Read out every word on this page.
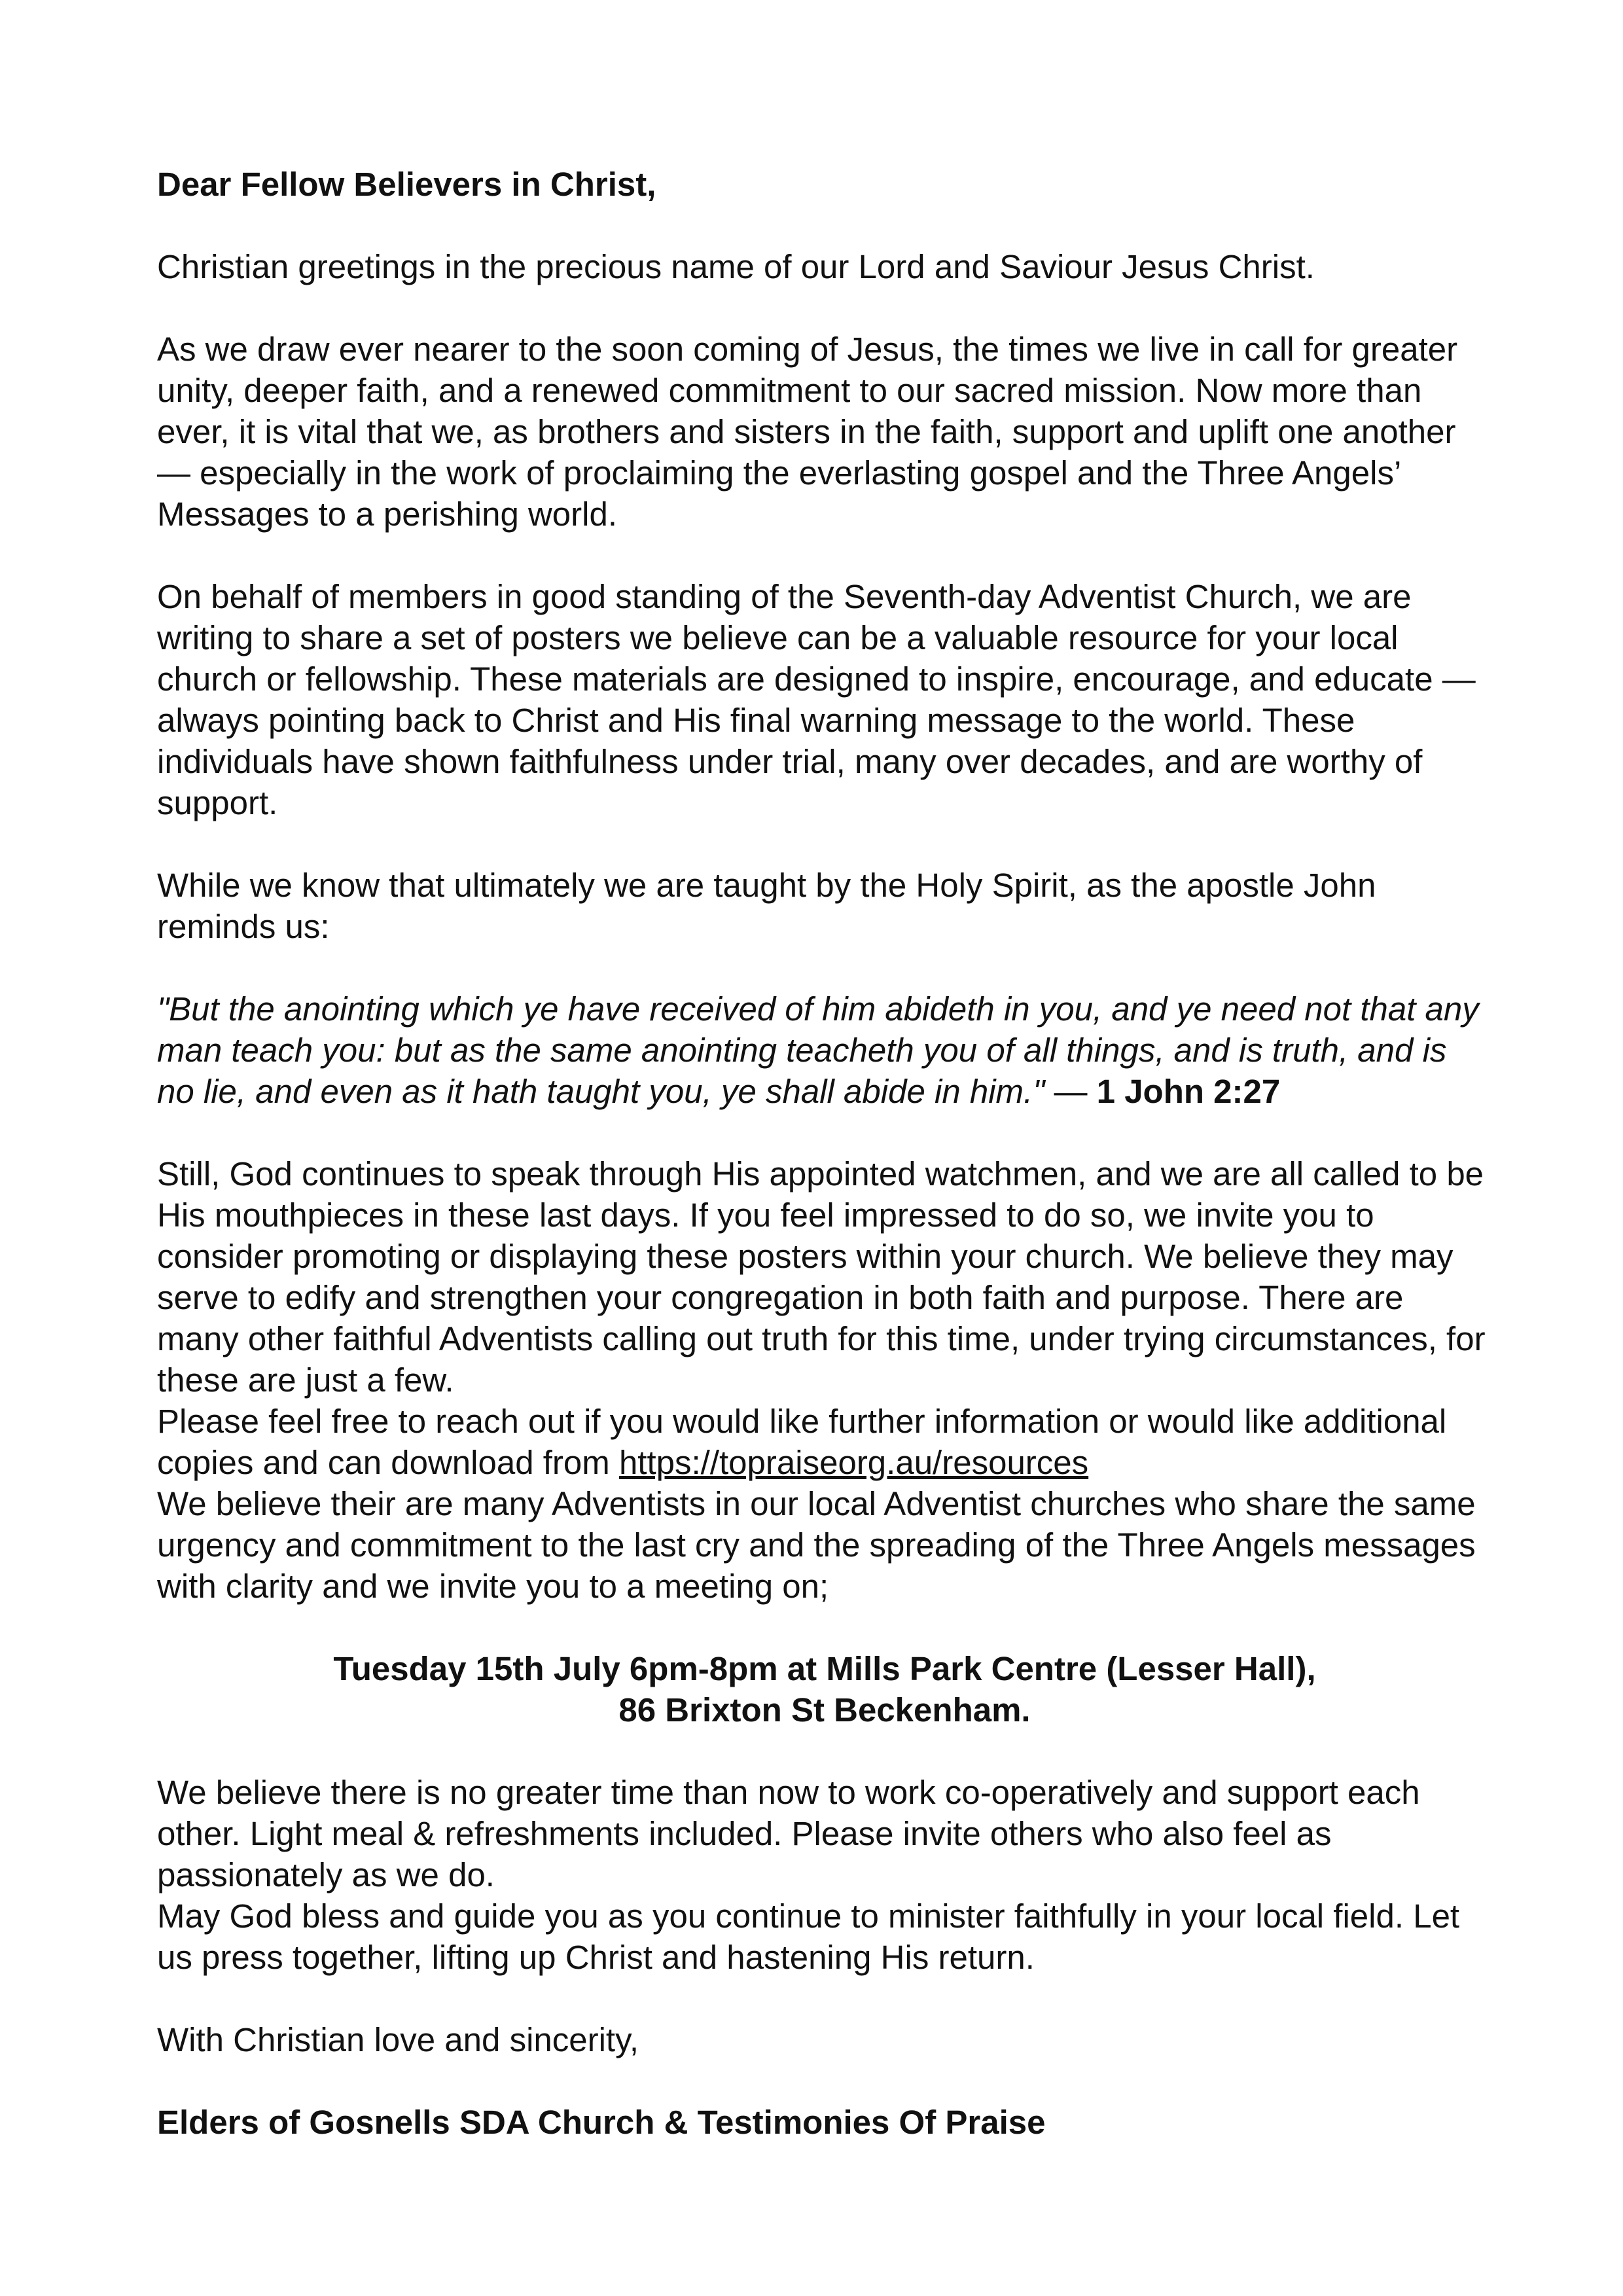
Dear Fellow Believers in Christ,

Christian greetings in the precious name of our Lord and Saviour Jesus Christ.

As we draw ever nearer to the soon coming of Jesus, the times we live in call for greater unity, deeper faith, and a renewed commitment to our sacred mission. Now more than ever, it is vital that we, as brothers and sisters in the faith, support and uplift one another — especially in the work of proclaiming the everlasting gospel and the Three Angels’ Messages to a perishing world.

On behalf of members in good standing of the Seventh-day Adventist Church, we are writing to share a set of posters we believe can be a valuable resource for your local church or fellowship. These materials are designed to inspire, encourage, and educate — always pointing back to Christ and His final warning message to the world. These individuals have shown faithfulness under trial, many over decades, and are worthy of support.

While we know that ultimately we are taught by the Holy Spirit, as the apostle John reminds us:

"But the anointing which ye have received of him abideth in you, and ye need not that any man teach you: but as the same anointing teacheth you of all things, and is truth, and is no lie, and even as it hath taught you, ye shall abide in him." — 1 John 2:27

Still, God continues to speak through His appointed watchmen, and we are all called to be His mouthpieces in these last days. If you feel impressed to do so, we invite you to consider promoting or displaying these posters within your church. We believe they may serve to edify and strengthen your congregation in both faith and purpose. There are many other faithful Adventists calling out truth for this time, under trying circumstances, for these are just a few.

Please feel free to reach out if you would like further information or would like additional copies and can download from https://topraiseorg.au/resources

We believe their are many Adventists in our local Adventist churches who share the same urgency and commitment to the last cry and the spreading of the Three Angels messages with clarity and we invite you to a meeting on;

Tuesday 15th July 6pm-8pm at Mills Park Centre (Lesser Hall),

86 Brixton St Beckenham.

We believe there is no greater time than now to work co-operatively and support each other. Light meal & refreshments included. Please invite others who also feel as passionately as we do.

May God bless and guide you as you continue to minister faithfully in your local field. Let us press together, lifting up Christ and hastening His return.

With Christian love and sincerity,

Elders of Gosnells SDA Church & Testimonies Of Praise
